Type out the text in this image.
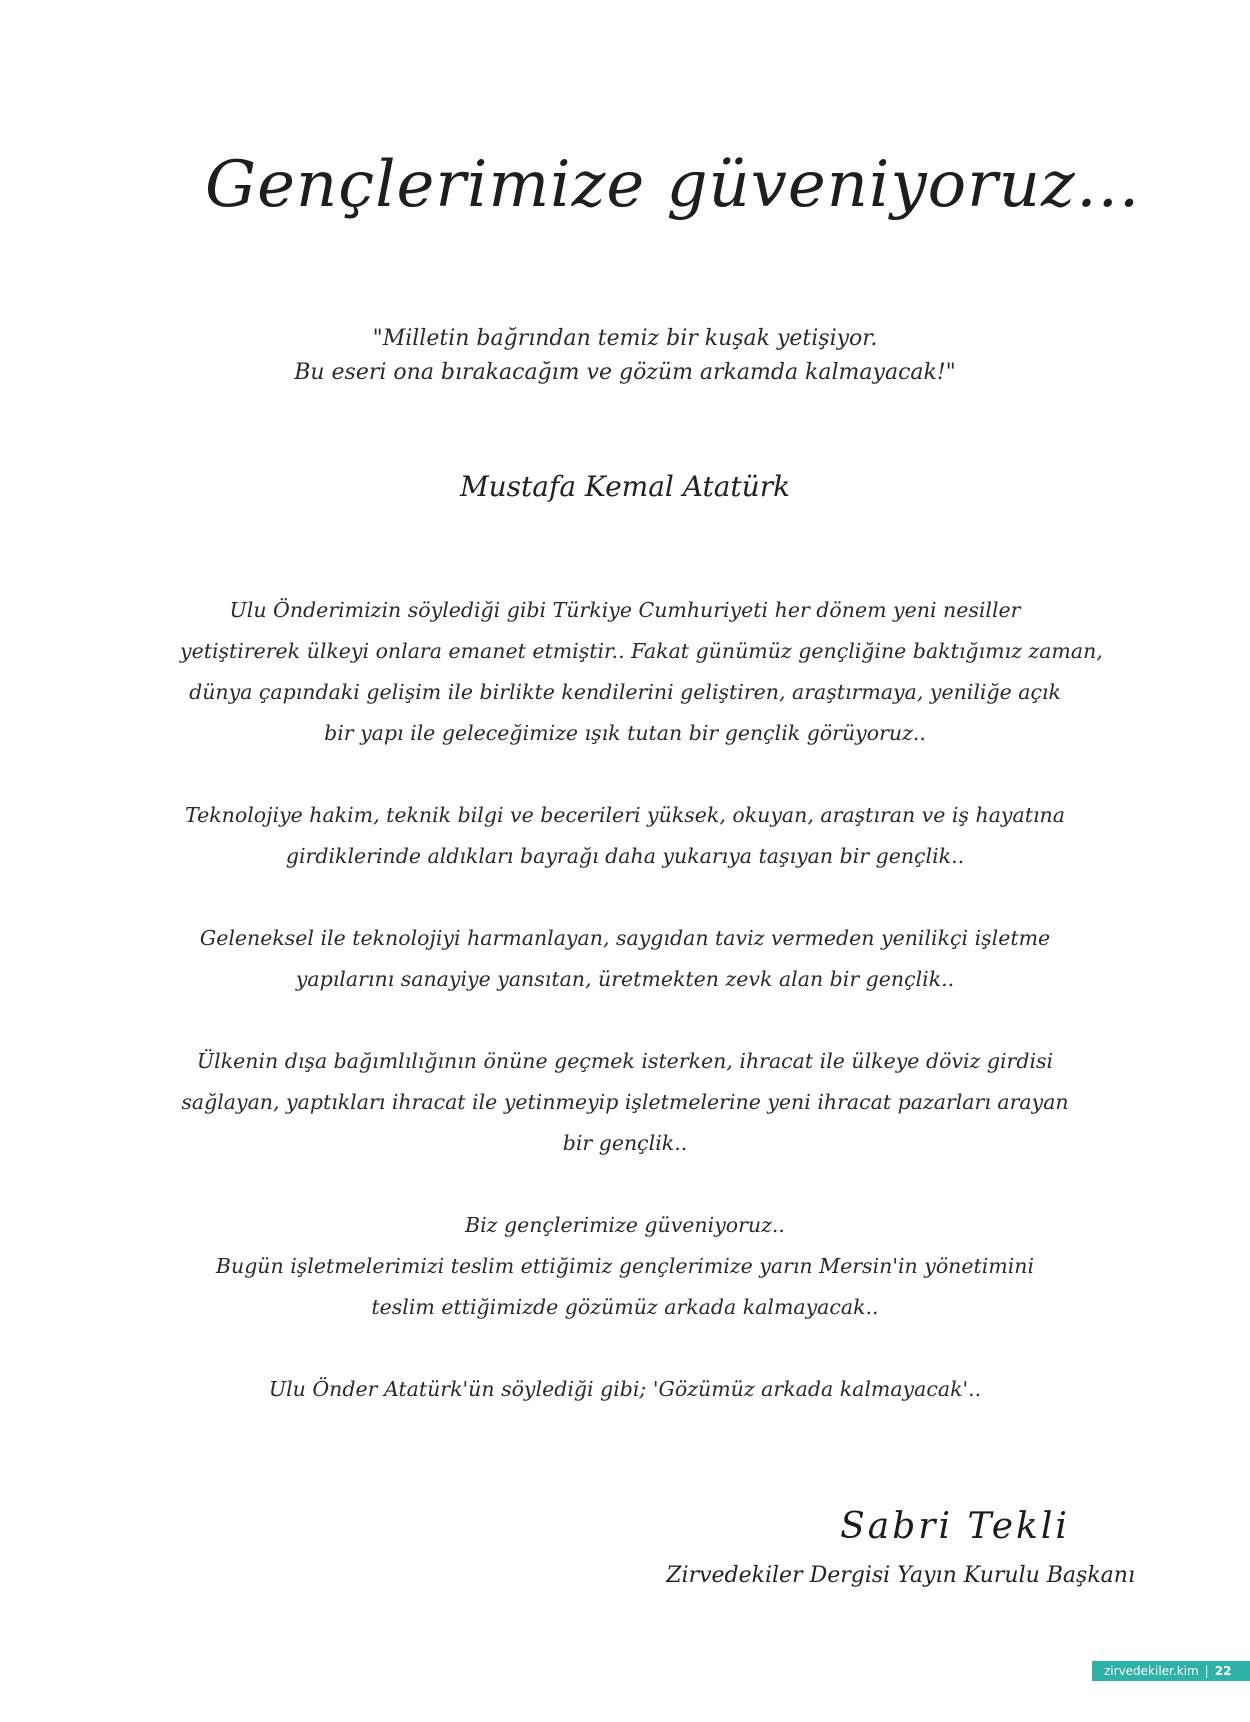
Gençlerimize güveniyoruz…
"Milletin bağrından temiz bir kuşak yetişiyor.
Bu eseri ona bırakacağım ve gözüm arkamda kalmayacak!"
Mustafa Kemal Atatürk

Ulu Önderimizin söylediği gibi Türkiye Cumhuriyeti her dönem yeni nesiller
yetiştirerek ülkeyi onlara emanet etmiştir.. Fakat günümüz gençliğine baktığımız zaman,
dünya çapındaki gelişim ile birlikte kendilerini geliştiren, araştırmaya, yeniliğe açık
bir yapı ile geleceğimize ışık tutan bir gençlik görüyoruz..

Teknolojiye hakim, teknik bilgi ve becerileri yüksek, okuyan, araştıran ve iş hayatına
girdiklerinde aldıkları bayrağı daha yukarıya taşıyan bir gençlik..

Geleneksel ile teknolojiyi harmanlayan, saygıdan taviz vermeden yenilikçi işletme
yapılarını sanayiye yansıtan, üretmekten zevk alan bir gençlik..

Ülkenin dışa bağımlılığının önüne geçmek isterken, ihracat ile ülkeye döviz girdisi
sağlayan, yaptıkları ihracat ile yetinmeyip işletmelerine yeni ihracat pazarları arayan
bir gençlik..

Biz gençlerimize güveniyoruz..
Bugün işletmelerimizi teslim ettiğimiz gençlerimize yarın Mersin'in yönetimini
teslim ettiğimizde gözümüz arkada kalmayacak..

Ulu Önder Atatürk'ün söylediği gibi; 'Gözümüz arkada kalmayacak'..

Sabri Tekli
Zirvedekiler Dergisi Yayın Kurulu Başkanı
zirvedekiler.kim | 22
